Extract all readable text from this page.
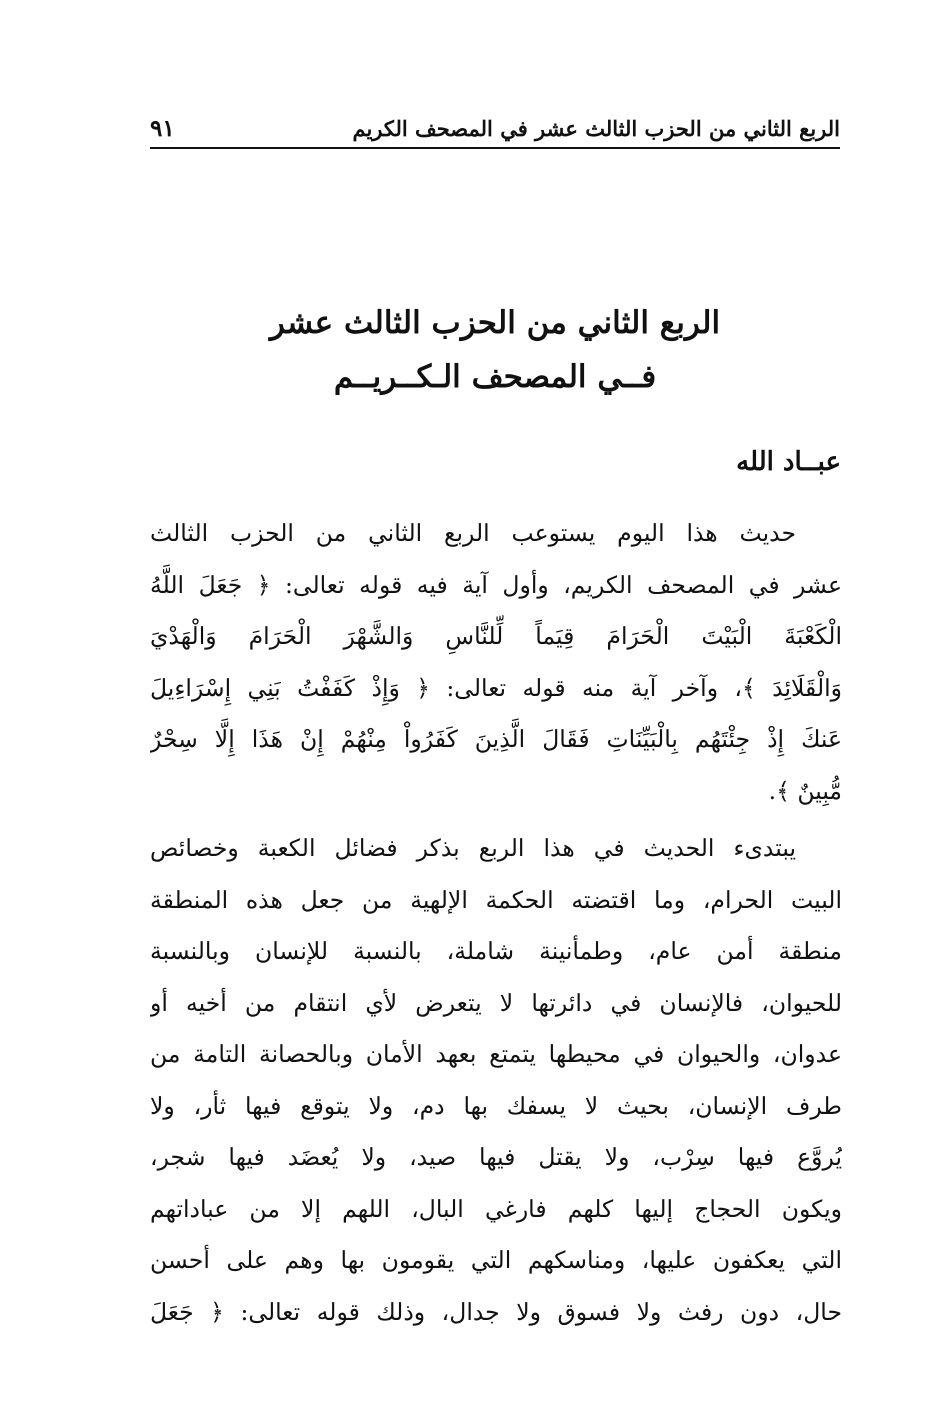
الربع الثاني من الحزب الثالث عشر في المصحف الكريم
٩١
الربع الثاني من الحزب الثالث عشر
فــي المصحف الـكــريــم
عبــاد الله
حديث هذا اليوم يستوعب الربع الثاني من الحزب الثالث
عشر في المصحف الكريم، وأول آية فيه قوله تعالى: ﴿ جَعَلَ اللَّهُ
الْكَعْبَةَ الْبَيْتَ الْحَرَامَ قِيَماً لِّلنَّاسِ وَالشَّهْرَ الْحَرَامَ وَالْهَدْيَ
وَالْقَلَائِدَ ﴾، وآخر آية منه قوله تعالى: ﴿ وَإِذْ كَفَفْتُ بَنِي إِسْرَاءِيلَ
عَنكَ إِذْ جِئْتَهُم بِالْبَيِّنَاتِ فَقَالَ الَّذِينَ كَفَرُواْ مِنْهُمْ إِنْ هَذَا إِلَّا سِحْرٌ
مُّبِينٌ ﴾.
يبتدىء الحديث في هذا الربع بذكر فضائل الكعبة وخصائص
البيت الحرام، وما اقتضته الحكمة الإلهية من جعل هذه المنطقة
منطقة أمن عام، وطمأنينة شاملة، بالنسبة للإنسان وبالنسبة
للحيوان، فالإنسان في دائرتها لا يتعرض لأي انتقام من أخيه أو
عدوان، والحيوان في محيطها يتمتع بعهد الأمان وبالحصانة التامة من
طرف الإنسان، بحيث لا يسفك بها دم، ولا يتوقع فيها ثأر، ولا
يُروَّع فيها سِرْب، ولا يقتل فيها صيد، ولا يُعضَد فيها شجر،
ويكون الحجاج إليها كلهم فارغي البال، اللهم إلا من عباداتهم
التي يعكفون عليها، ومناسكهم التي يقومون بها وهم على أحسن
حال، دون رفث ولا فسوق ولا جدال، وذلك قوله تعالى: ﴿ جَعَلَ
